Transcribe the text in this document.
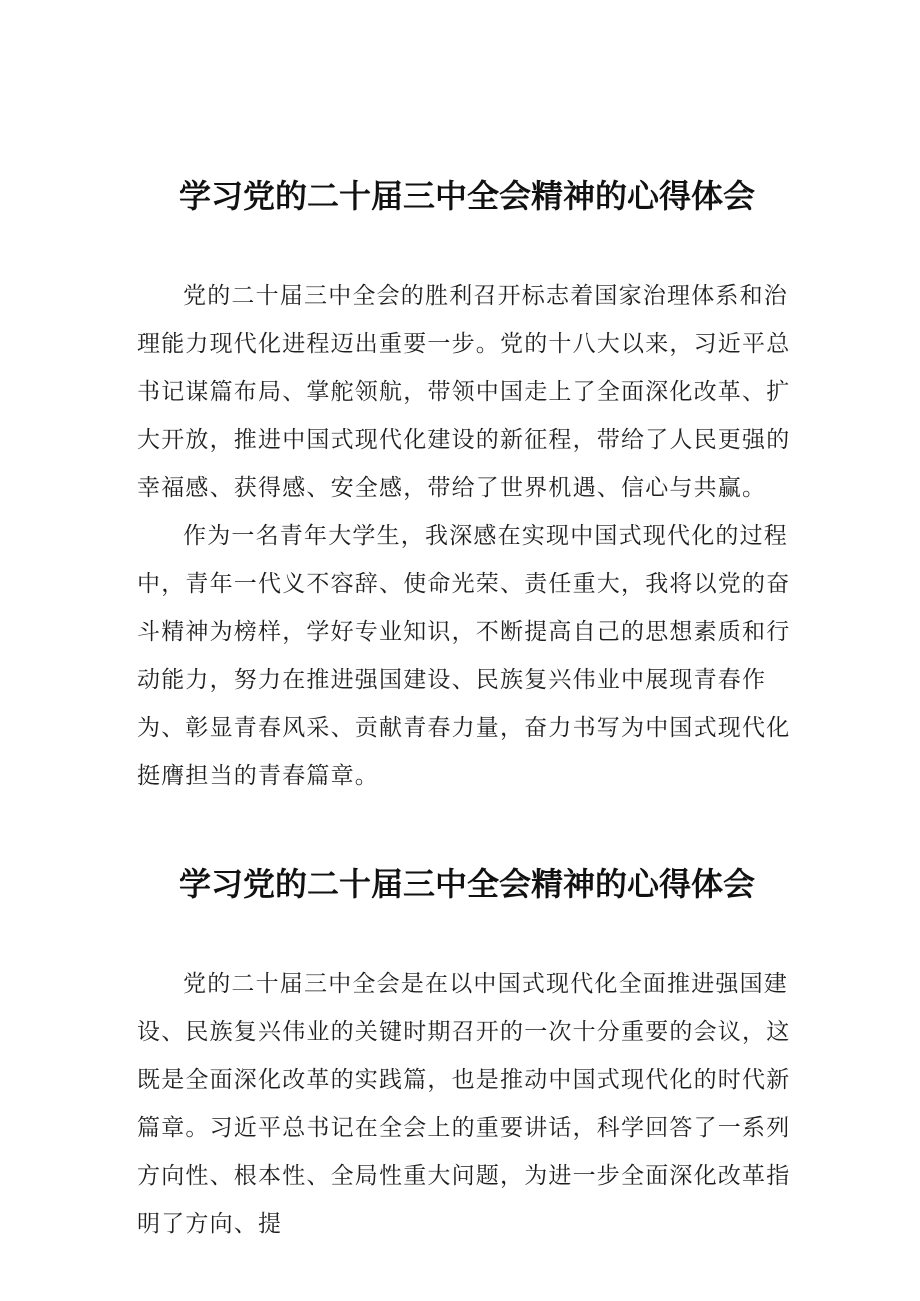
学习党的二十届三中全会精神的心得体会

党的二十届三中全会的胜利召开标志着国家治理体系和治理能力现代化进程迈出重要一步。党的十八大以来，习近平总书记谋篇布局、掌舵领航，带领中国走上了全面深化改革、扩大开放，推进中国式现代化建设的新征程，带给了人民更强的幸福感、获得感、安全感，带给了世界机遇、信心与共赢。

作为一名青年大学生，我深感在实现中国式现代化的过程中，青年一代义不容辞、使命光荣、责任重大，我将以党的奋斗精神为榜样，学好专业知识，不断提高自己的思想素质和行动能力，努力在推进强国建设、民族复兴伟业中展现青春作为、彰显青春风采、贡献青春力量，奋力书写为中国式现代化挺膺担当的青春篇章。

学习党的二十届三中全会精神的心得体会

党的二十届三中全会是在以中国式现代化全面推进强国建设、民族复兴伟业的关键时期召开的一次十分重要的会议，这既是全面深化改革的实践篇，也是推动中国式现代化的时代新篇章。习近平总书记在全会上的重要讲话，科学回答了一系列方向性、根本性、全局性重大问题，为进一步全面深化改革指明了方向、提
